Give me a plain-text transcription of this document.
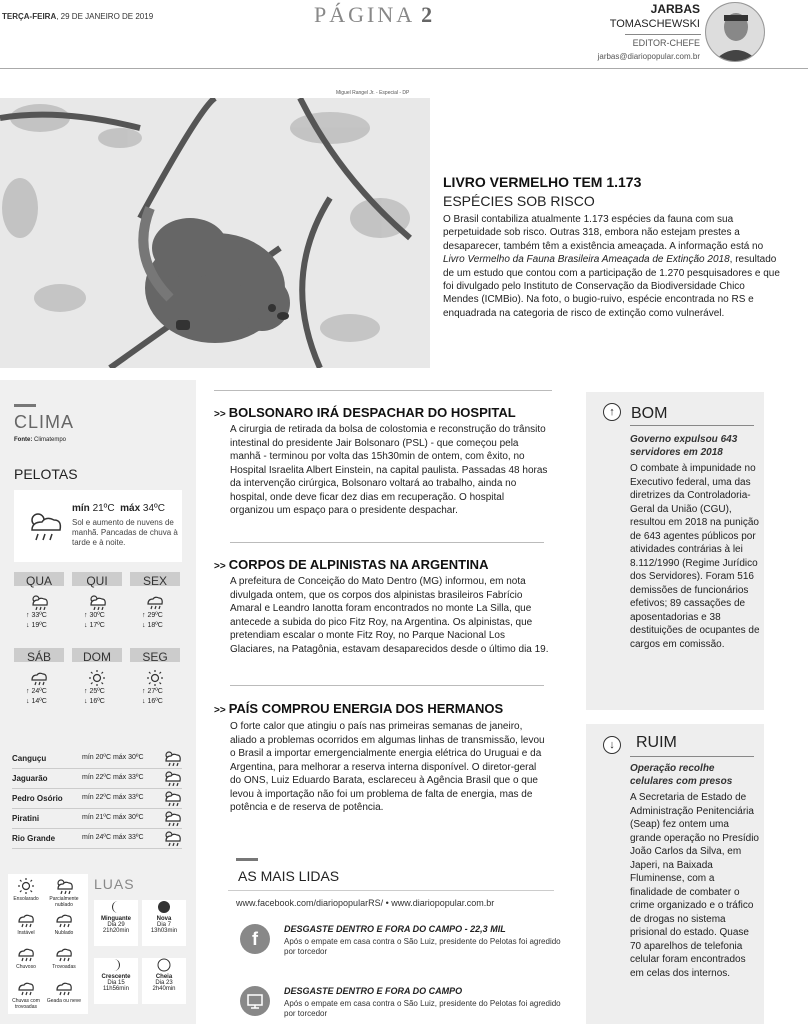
TERÇA-FEIRA, 29 DE JANEIRO DE 2019	PÁGINA 2	JARBAS
TOMASCHEWSKI
EDITOR-CHEFE
jarbas@diariopopular.com.br
Miguel Rangel Jr. - Especial - DP
LIVRO VERMELHO TEM 1.173
ESPÉCIES SOB RISCO
O Brasil contabiliza atualmente 1.173 espécies da fauna com sua perpetuidade sob risco. Outras 318, embora não estejam prestes a desaparecer, também têm a existência ameaçada. A informação está no Livro Vermelho da Fauna Brasileira Ameaçada de Extinção 2018, resultado de um estudo que contou com a participação de 1.270 pesquisadores e que foi divulgado pelo Instituto de Conservação da Biodiversidade Chico Mendes (ICMBio). Na foto, o bugio-ruivo, espécie encontrada no RS e enquadrada na categoria de risco de extinção como vulnerável.
CLIMA
Fonte: Climatempo
PELOTAS
mín 21ºC máx 34ºC
Sol e aumento de nuvens de manhã. Pancadas de chuva à tarde e à noite.
QUA
↑ 33ºC
↓ 19ºC
QUI
↑ 30ºC
↓ 17ºC
SEX
↑ 29ºC
↓ 18ºC
SÁB
↑ 24ºC
↓ 14ºC
DOM
↑ 25ºC
↓ 16ºC
SEG
↑ 27ºC
↓ 16ºC
Canguçu	mín 20ºC máx 30ºC
Jaguarão	mín 22ºC máx 33ºC
Pedro Osório	mín 22ºC máx 33ºC
Piratini	mín 21ºC máx 30ºC
Rio Grande	mín 24ºC máx 33ºC
Ensolarado	Parcialmente nublado
Instável	Nublado
Chuvoso	Trovoadas
Chuvas com trovoadas
Geada ou neve
LUAS
Minguante
Dia 29
21h20min
Nova
Dia 7
13h03min
Crescente
Dia 15
11h56min
Cheia
Dia 23
2h40min
>> BOLSONARO IRÁ DESPACHAR DO HOSPITAL
A cirurgia de retirada da bolsa de colostomia e reconstrução do trânsito intestinal do presidente Jair Bolsonaro (PSL) - que começou pela manhã - terminou por volta das 15h30min de ontem, com êxito, no Hospital Israelita Albert Einstein, na capital paulista. Passadas 48 horas da intervenção cirúrgica, Bolsonaro voltará ao trabalho, ainda no hospital, onde deve ficar dez dias em recuperação. O hospital organizou um espaço para o presidente despachar.
>> CORPOS DE ALPINISTAS NA ARGENTINA
A prefeitura de Conceição do Mato Dentro (MG) informou, em nota divulgada ontem, que os corpos dos alpinistas brasileiros Fabrício Amaral e Leandro Ianotta foram encontrados no monte La Silla, que antecede a subida do pico Fitz Roy, na Argentina. Os alpinistas, que pretendiam escalar o monte Fitz Roy, no Parque Nacional Los Glaciares, na Patagônia, estavam desaparecidos desde o último dia 19.
>> PAÍS COMPROU ENERGIA DOS HERMANOS
O forte calor que atingiu o país nas primeiras semanas de janeiro, aliado a problemas ocorridos em algumas linhas de transmissão, levou o Brasil a importar emergencialmente energia elétrica do Uruguai e da Argentina, para melhorar a reserva interna disponível. O diretor-geral do ONS, Luiz Eduardo Barata, esclareceu à Agência Brasil que o que levou à importação não foi um problema de falta de energia, mas de potência e de reserva de potência.
AS MAIS LIDAS
www.facebook.com/diariopopularRS/ • www.diariopopular.com.br
f	DESGASTE DENTRO E FORA DO CAMPO - 22,3 MIL
Após o empate em casa contra o São Luiz, presidente do Pelotas foi agredido por torcedor
DESGASTE DENTRO E FORA DO CAMPO
Após o empate em casa contra o São Luiz, presidente do Pelotas foi agredido por torcedor
↑	BOM
Governo expulsou 643 servidores em 2018
O combate à impunidade no Executivo federal, uma das diretrizes da Controladoria-Geral da União (CGU), resultou em 2018 na punição de 643 agentes públicos por atividades contrárias à lei 8.112/1990 (Regime Jurídico dos Servidores). Foram 516 demissões de funcionários efetivos; 89 cassações de aposentadorias e 38 destituições de ocupantes de cargos em comissão.
↓	RUIM
Operação recolhe celulares com presos
A Secretaria de Estado de Administração Penitenciária (Seap) fez ontem uma grande operação no Presídio João Carlos da Silva, em Japeri, na Baixada Fluminense, com a finalidade de combater o crime organizado e o tráfico de drogas no sistema prisional do estado. Quase 70 aparelhos de telefonia celular foram encontrados em celas dos internos.
